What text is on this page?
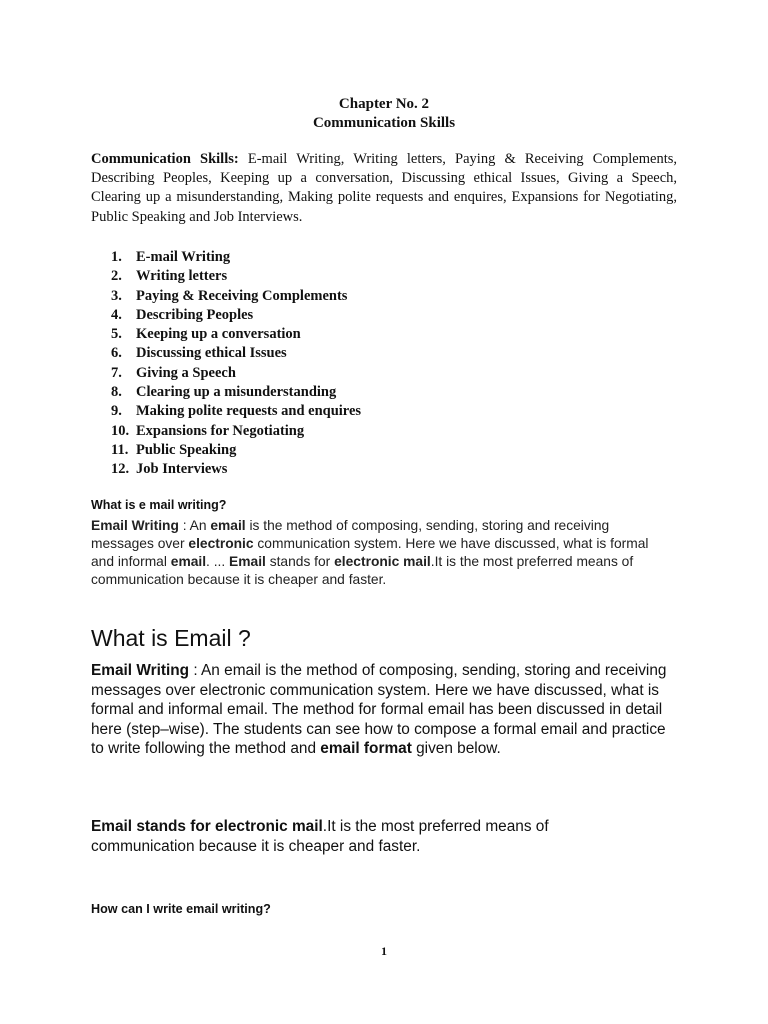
Chapter No. 2
Communication Skills
Communication Skills: E-mail Writing, Writing letters, Paying & Receiving Complements, Describing Peoples, Keeping up a conversation, Discussing ethical Issues, Giving a Speech, Clearing up a misunderstanding, Making polite requests and enquires, Expansions for Negotiating, Public Speaking and Job Interviews.
1. E-mail Writing
2. Writing letters
3. Paying & Receiving Complements
4. Describing Peoples
5. Keeping up a conversation
6. Discussing ethical Issues
7. Giving a Speech
8. Clearing up a misunderstanding
9. Making polite requests and enquires
10. Expansions for Negotiating
11. Public Speaking
12. Job Interviews
What is e mail writing?
Email Writing : An email is the method of composing, sending, storing and receiving messages over electronic communication system. Here we have discussed, what is formal and informal email. ... Email stands for electronic mail.It is the most preferred means of communication because it is cheaper and faster.
What is Email ?
Email Writing : An email is the method of composing, sending, storing and receiving messages over electronic communication system. Here we have discussed, what is formal and informal email. The method for formal email has been discussed in detail here (step–wise). The students can see how to compose a formal email and practice to write following the method and email format given below.
Email stands for electronic mail.It is the most preferred means of communication because it is cheaper and faster.
How can I write email writing?
1
